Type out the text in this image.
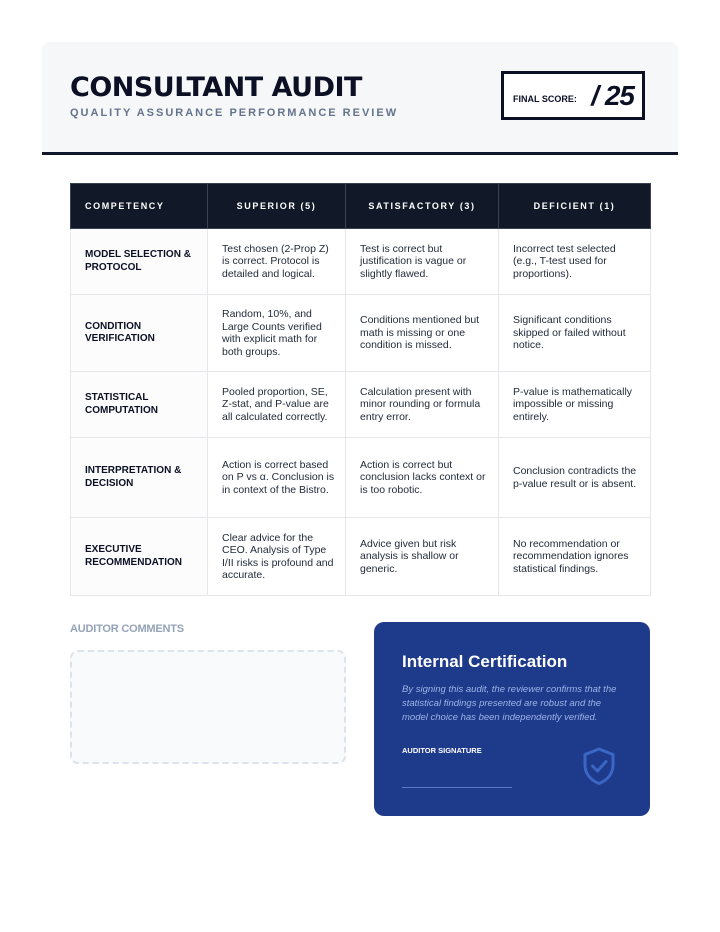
CONSULTANT AUDIT
QUALITY ASSURANCE PERFORMANCE REVIEW
FINAL SCORE: / 25
COMPETENCY	SUPERIOR (5)	SATISFACTORY (3)	DEFICIENT (1)
MODEL SELECTION & PROTOCOL	Test chosen (2-Prop Z) is correct. Protocol is detailed and logical.	Test is correct but justification is vague or slightly flawed.	Incorrect test selected (e.g., T-test used for proportions).
CONDITION VERIFICATION	Random, 10%, and Large Counts verified with explicit math for both groups.	Conditions mentioned but math is missing or one condition is missed.	Significant conditions skipped or failed without notice.
STATISTICAL COMPUTATION	Pooled proportion, SE, Z-stat, and P-value are all calculated correctly.	Calculation present with minor rounding or formula entry error.	P-value is mathematically impossible or missing entirely.
INTERPRETATION & DECISION	Action is correct based on P vs α. Conclusion is in context of the Bistro.	Action is correct but conclusion lacks context or is too robotic.	Conclusion contradicts the p-value result or is absent.
EXECUTIVE RECOMMENDATION	Clear advice for the CEO. Analysis of Type I/II risks is profound and accurate.	Advice given but risk analysis is shallow or generic.	No recommendation or recommendation ignores statistical findings.
AUDITOR COMMENTS
Internal Certification
By signing this audit, the reviewer confirms that the statistical findings presented are robust and the model choice has been independently verified.
AUDITOR SIGNATURE
